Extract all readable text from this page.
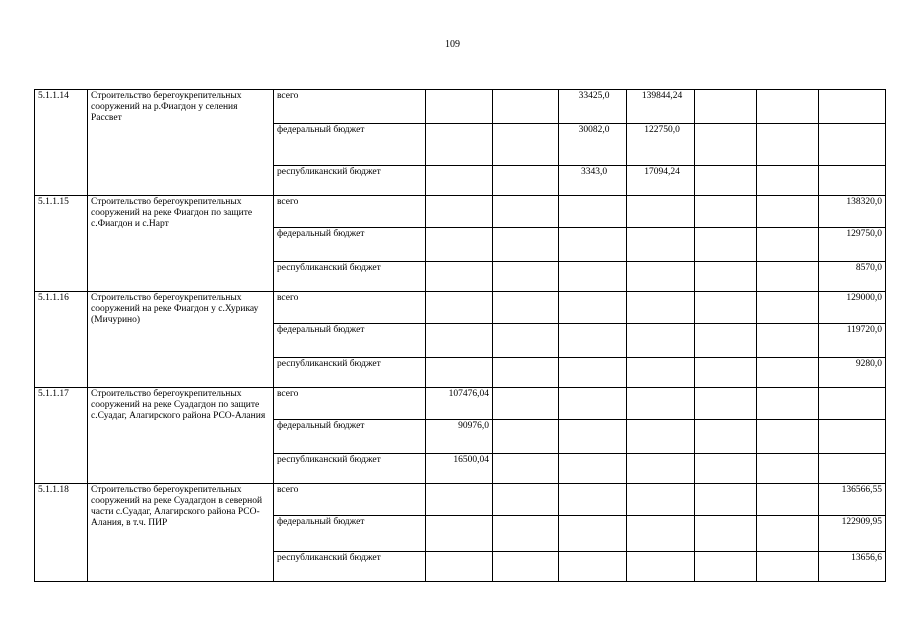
109
5.1.1.14	Строительство берегоукрепительных сооружений на р.Фиагдон у селения Рассвет	всего			33425,0	139844,24			
		федеральный бюджет			30082,0	122750,0			
		республиканский бюджет			3343,0	17094,24			
5.1.1.15	Строительство берегоукрепительных сооружений на реке Фиагдон по защите с.Фиагдон и с.Нарт	всего							138320,0
		федеральный бюджет							129750,0
		республиканский бюджет							8570,0
5.1.1.16	Строительство берегоукрепительных сооружений на реке Фиагдон у с.Хурикау (Мичурино)	всего							129000,0
		федеральный бюджет							119720,0
		республиканский бюджет							9280,0
5.1.1.17	Строительство берегоукрепительных сооружений на реке Суадагдон по защите с.Суадаг, Алагирского района РСО-Алания	всего	107476,04						
		федеральный бюджет	90976,0						
		республиканский бюджет	16500,04						
5.1.1.18	Строительство берегоукрепительных сооружений на реке Суадагдон в северной части с.Суадаг, Алагирского района РСО-Алания, в т.ч. ПИР	всего							136566,55
		федеральный бюджет							122909,95
		республиканский бюджет							13656,6
